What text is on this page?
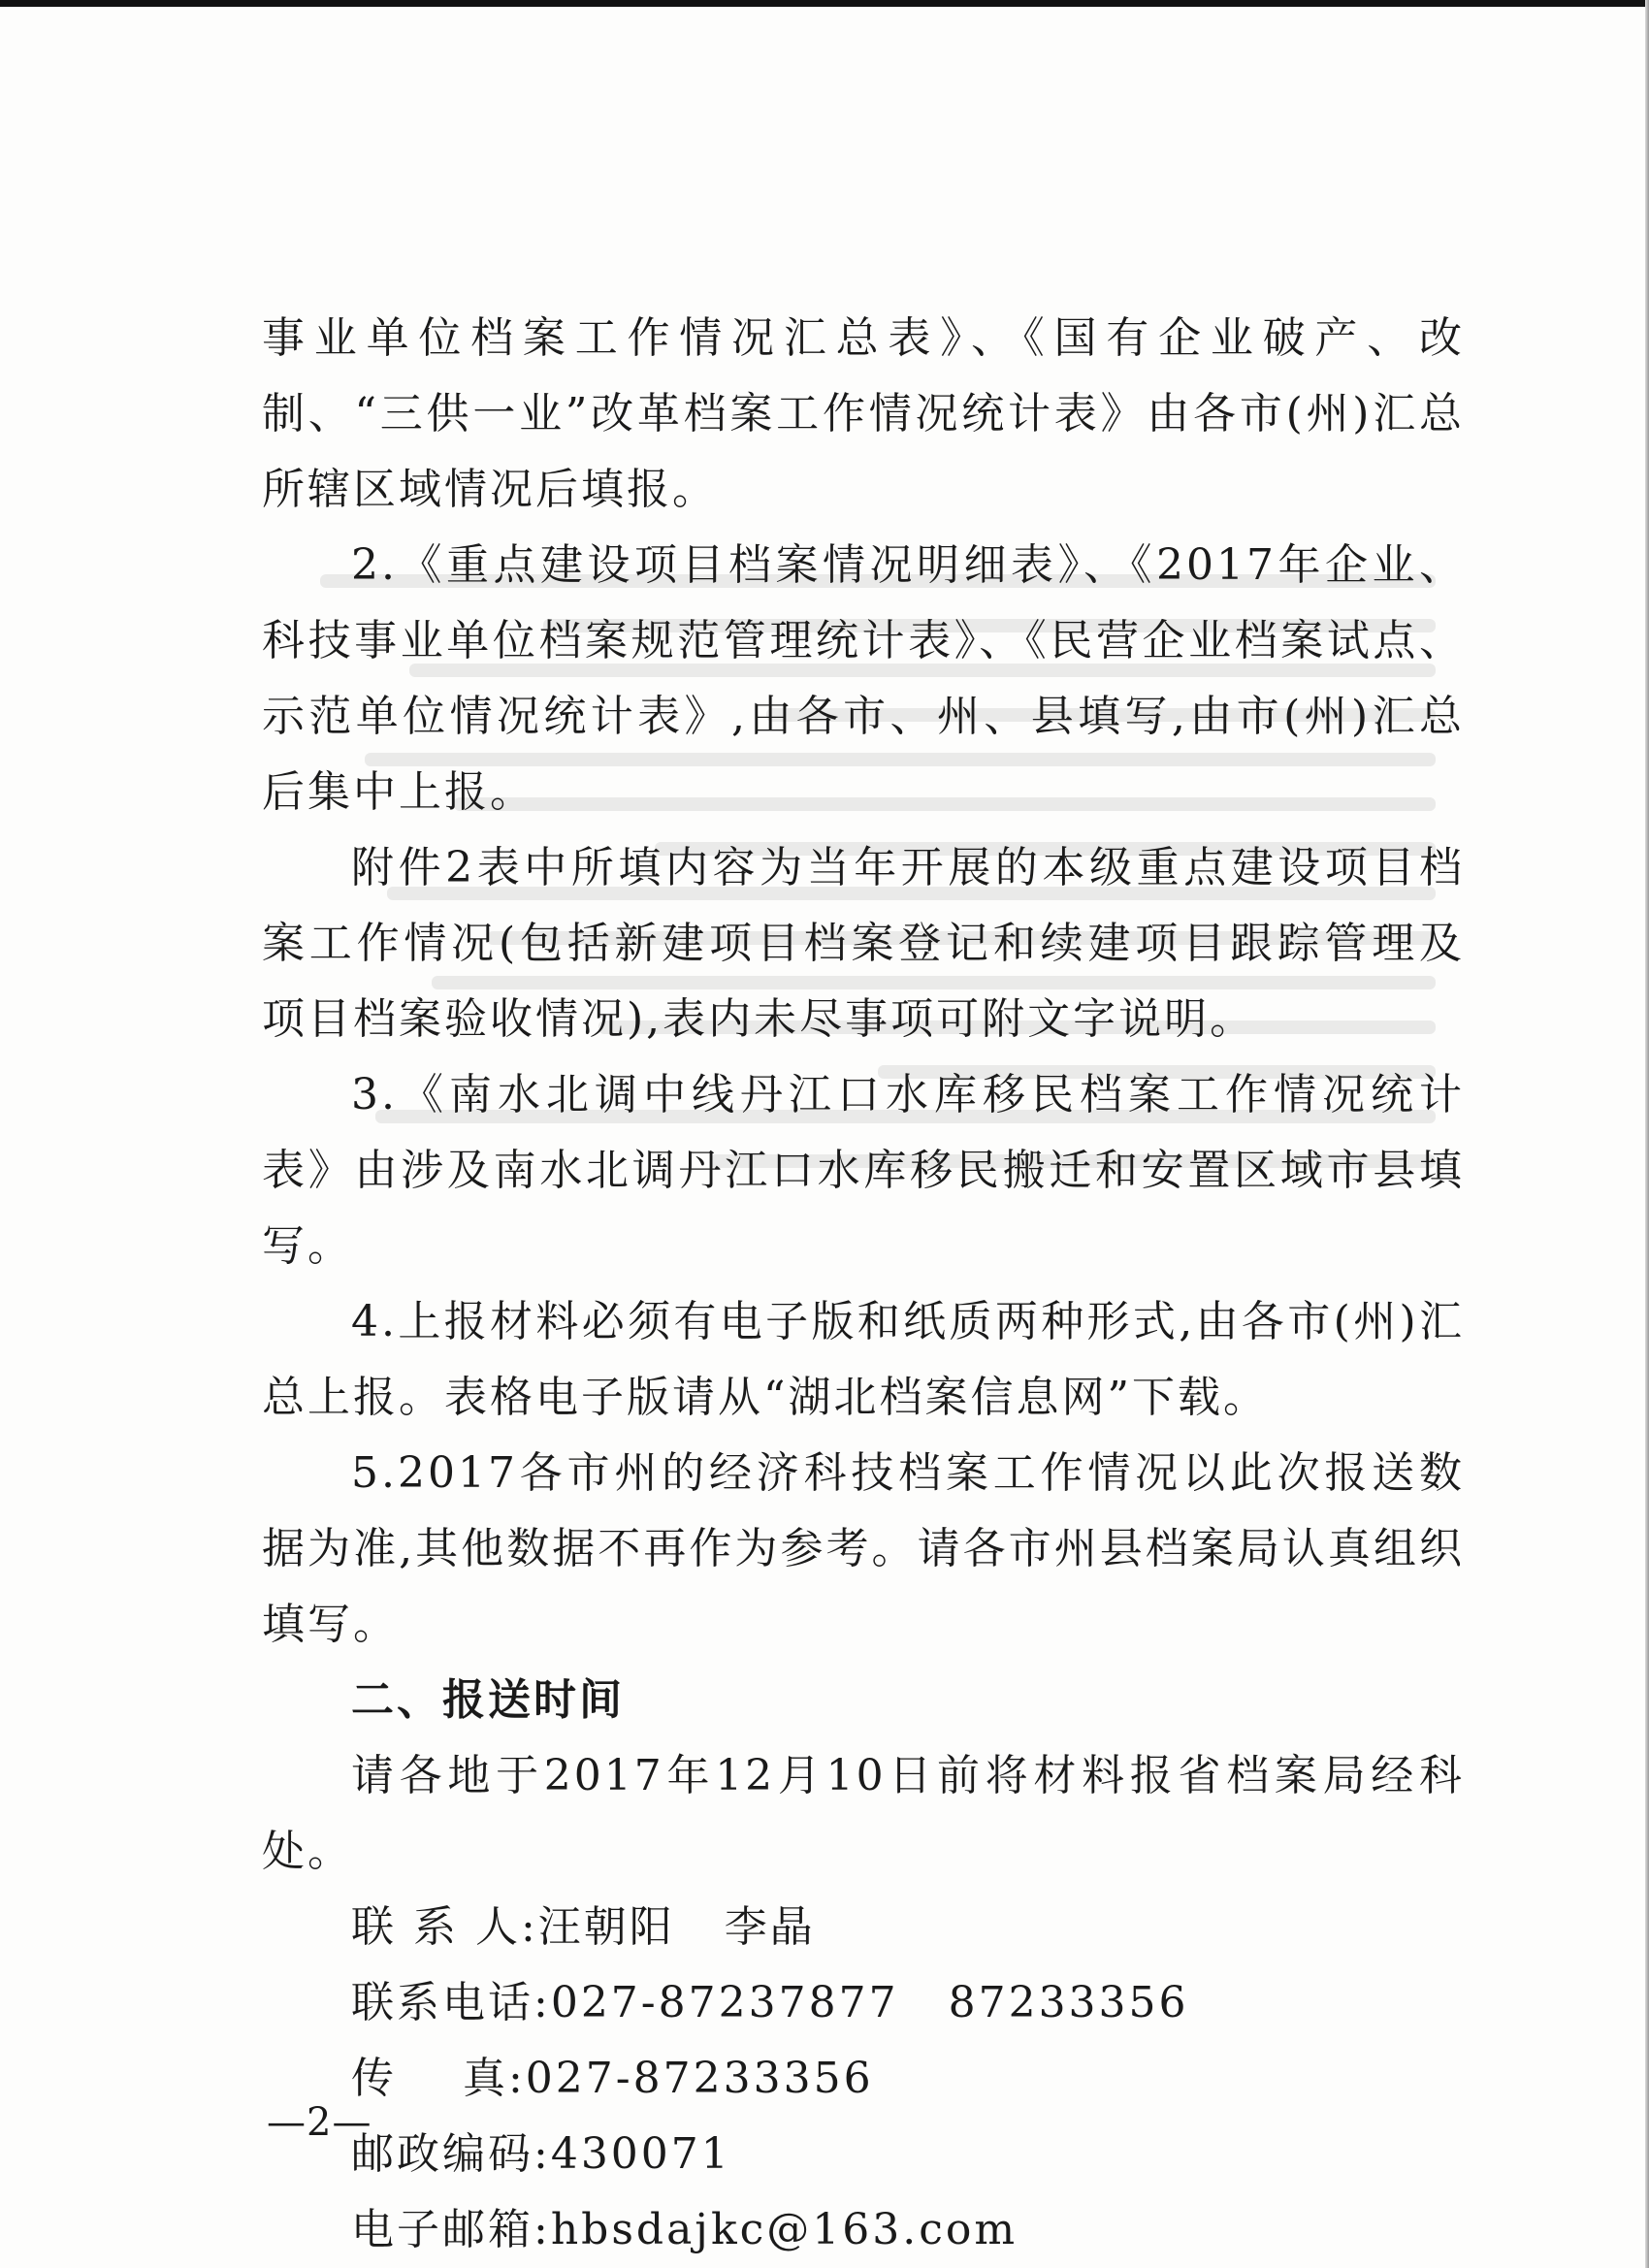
事业单位档案工作情况汇总表》、《国有企业破产、改制、“三供一业”改革档案工作情况统计表》由各市(州)汇总所辖区域情况后填报。

2.《重点建设项目档案情况明细表》、《2017年企业、科技事业单位档案规范管理统计表》、《民营企业档案试点、示范单位情况统计表》,由各市、州、县填写,由市(州)汇总后集中上报。

附件2表中所填内容为当年开展的本级重点建设项目档案工作情况(包括新建项目档案登记和续建项目跟踪管理及项目档案验收情况),表内未尽事项可附文字说明。

3.《南水北调中线丹江口水库移民档案工作情况统计表》由涉及南水北调丹江口水库移民搬迁和安置区域市县填写。

4.上报材料必须有电子版和纸质两种形式,由各市(州)汇总上报。表格电子版请从“湖北档案信息网”下载。

5.2017各市州的经济科技档案工作情况以此次报送数据为准,其他数据不再作为参考。请各市州县档案局认真组织填写。

二、报送时间

请各地于2017年12月10日前将材料报省档案局经科处。

联 系 人:汪朝阳   李晶

联系电话:027-87237877   87233356

传    真:027-87233356

邮政编码:430071

电子邮箱:hbsdajkc@163.com

—2—
